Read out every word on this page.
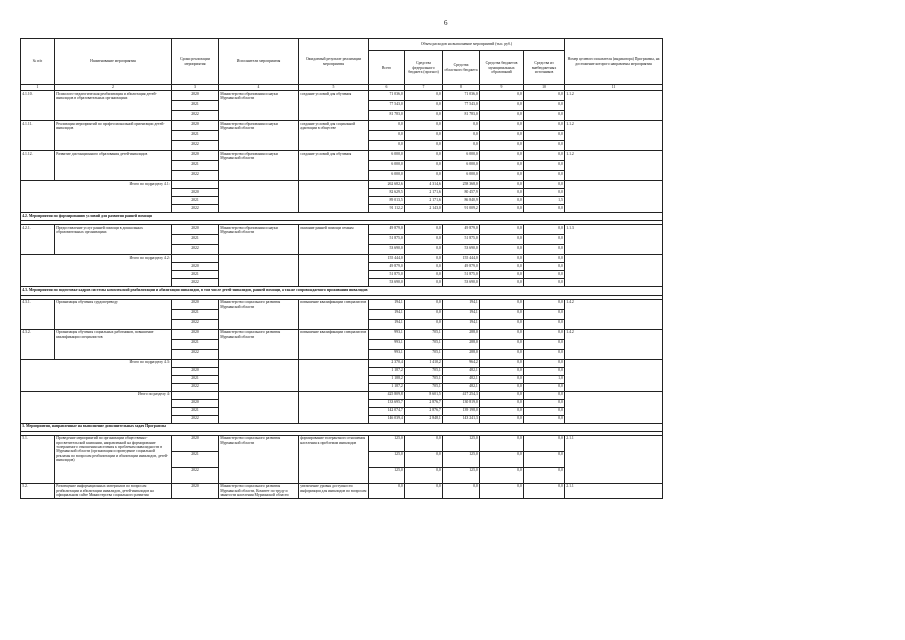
6
№ п/п	Наименование мероприятия	Сроки реализации мероприятия	Исполнители мероприятия	Ожидаемый результат реализации мероприятия	Объем расходов на выполнение мероприятий (тыс. руб.)					Номер целевого показателя (индикатора) Программы, на достижение которого направлены мероприятия
					Всего	Средства федерального бюджета (прогноз)	Средства областного бюджета	Средства бюджетов муниципальных образований	Средства из внебюджетных источников	
1	2	3	4	5	6	7	8	9	10	11
4.1.10.	Психолого-педагогическая реабилитация и абилитация детей-инвалидов в образовательных организациях	2020	Министерство образования и науки Мурманской области	создание условий для обучения	71 036,0	0,0	71 036,0	0,0	0,0	1.1.2
		2021			77 543,0	0,0	77 543,0	0,0	0,0	
		2022			81 783,0	0,0	81 783,0	0,0	0,0	
4.1.11.	Реализация мероприятий по профессиональной ориентации детей-инвалидов	2020	Министерство образования и науки Мурманской области	создание условий для социальной адаптации в обществе	0,0	0,0	0,0	0,0	0,0	1.1.2
		2021			0,0	0,0	0,0	0,0	0,0	
		2022			0,0	0,0	0,0	0,0	0,0	
4.1.12.	Развитие дистанционного образования детей-инвалидов	2020	Министерство образования и науки Мурманской области	создание условий для обучения	6 000,0	0,0	6 000,0	0,0	0,0	1.1.2
		2021			6 000,0	0,0	6 000,0	0,0	0,0	
		2022			6 000,0	0,0	6 000,0	0,0	0,0	
Итого по подразделу 4.1:					262 682,6	4 314,6	258 368,0	0,0	0,0	
		2020			82 629,5	2 171,6	80 457,9	0,0	0,0	
		2021			89 013,5	2 171,6	86 840,9	0,0	1,5	
		2022			91 112,2	2 143,0	91 009,2	0,0	0,0	
4.2. Мероприятия по формированию условий для развития ранней помощи										

4.2.1.	Предоставление услуг ранней помощи в дошкольных образовательных организациях	2020	Министерство образования и науки Мурманской области	оказание ранней помощи семьям	49 879,0	0,0	49 879,0	0,0	0,0	1.1.3
		2021			51 875,0	0,0	51 875,0	0,0	0,0	
		2022			53 690,0	0,0	53 690,0	0,0	0,0	
Итого по подразделу 4.2:					155 444,0	0,0	155 444,0	0,0	0,0	
		2020			49 879,0	0,0	49 879,0	0,0	0,0	
		2021			51 875,0	0,0	51 875,0	0,0	0,0	
		2022			53 690,0	0,0	53 690,0	0,0	0,0	
4.3. Мероприятия по подготовке кадров системы комплексной реабилитации и абилитации инвалидов, в том числе детей-инвалидов, ранней помощи, а также сопровождаемого проживания инвалидов										

4.3.1.	Организация обучения сурдопереводу	2020	Министерство социального развития Мурманской области	повышение квалификации специалистов	194,1	0,0	194,1	0,0	0,0	1.4.2
		2021			194,1	0,0	194,1	0,0	0,0	
		2022			194,1	0,0	194,1	0,0	0,0	
4.3.2.	Организация обучения социальных работников, повышение квалификации специалистов	2020	Министерство социального развития Мурманской области	повышение квалификации специалистов	993,1	705,1	288,0	0,0	0,0	1.4.2
		2021			993,1	705,1	288,0	0,0	0,0	
		2022			993,1	705,1	288,0	0,0	0,0	
Итого по подразделу 4.3:					2 370,4	1 410,2	964,2	0,0	0,0	
		2020			1 187,2	705,1	482,1	0,0	0,0	
		2021			1 188,2	705,1	482,1	0,0	1,0	
		2022			1 187,2	705,1	482,1	0,0	0,0	
Итого по разделу 4:					425 809,8	8 601,5	417 254,3	0,0	0,0	
		2020			133 695,7	2 876,7	130 819,0	0,0	0,0	
		2021			142 074,7	2 876,7	139 198,0	0,0	0,0	
		2022			146 039,4	2 848,1	143 241,3	0,0	0,0	
5. Мероприятия, направленные на выполнение дополнительных задач Программы										

5.1.	Проведение мероприятий по организации общественно-просветительской кампании, направленной на формирование толерантного отношения населения к проблемам инвалидности в Мурманской области (организация и проведение социальной рекламы по вопросам реабилитации и абилитации инвалидов, детей-инвалидов)	2020	Министерство социального развития Мурманской области	формирование толерантного отношения населения к проблемам инвалидов	125,0	0,0	125,0	0,0	0,0	2.1.1
		2021			125,0	0,0	125,0	0,0	0,0	
		2022			125,0	0,0	125,0	0,0	0,0	
5.2.	Размещение информационных материалов по вопросам реабилитации и абилитации инвалидов, детей-инвалидов на официальном сайте Министерства социального развития	2020	Министерство социального развития Мурманской области, Комитет по труду и занятости населения Мурманской области	увеличение уровня доступности информации для инвалидов по вопросам	0,0	0,0	0,0	0,0	0,0	2.1.1
